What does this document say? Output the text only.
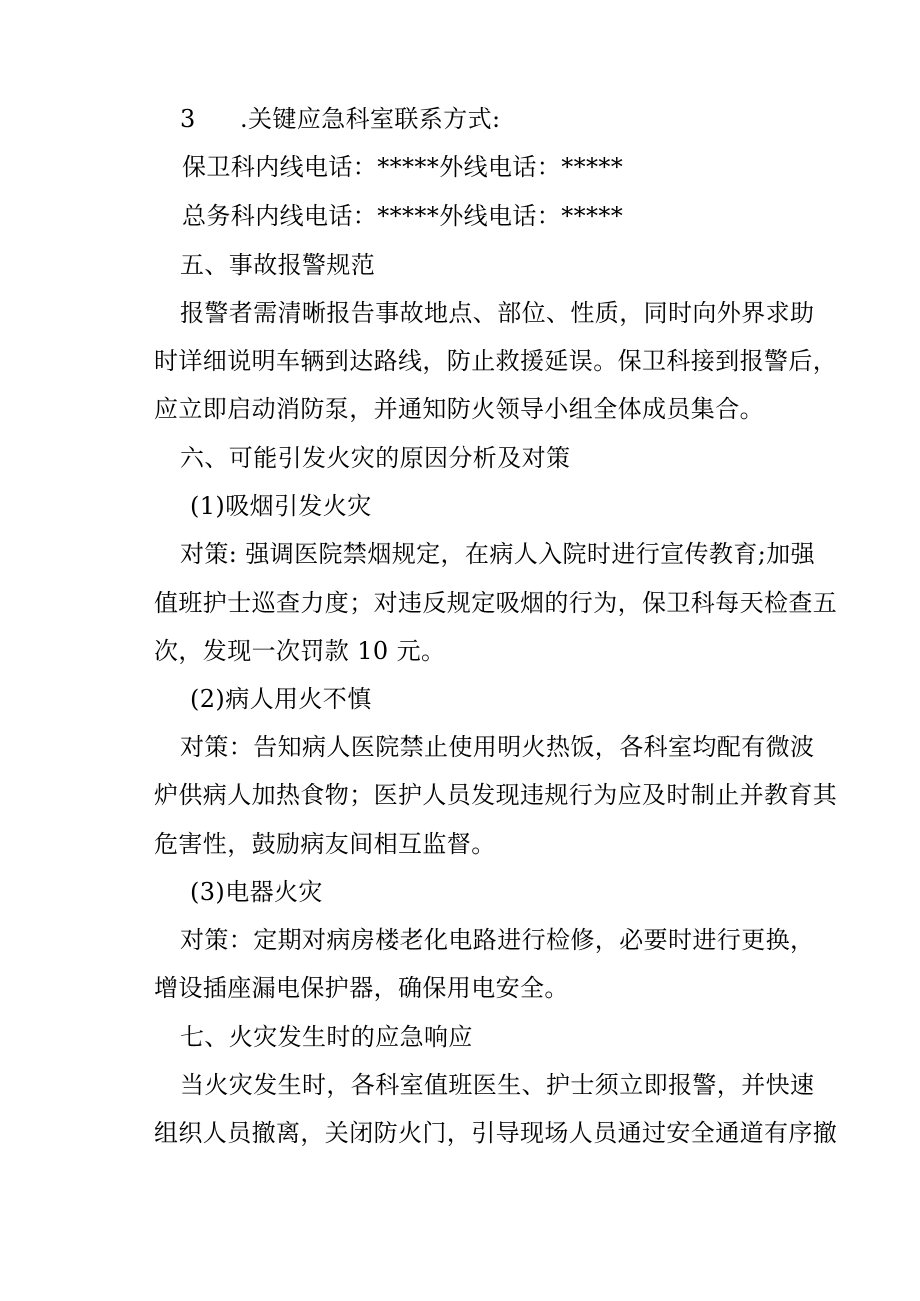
3 .关键应急科室联系方式:
保卫科内线电话：*****外线电话：*****
总务科内线电话：*****外线电话：*****
五、事故报警规范
报警者需清晰报告事故地点、部位、性质，同时向外界求助
时详细说明车辆到达路线，防止救援延误。保卫科接到报警后，
应立即启动消防泵，并通知防火领导小组全体成员集合。
六、可能引发火灾的原因分析及对策
(1)吸烟引发火灾
对策: 强调医院禁烟规定，在病人入院时进行宣传教育;加强
值班护士巡查力度；对违反规定吸烟的行为，保卫科每天检查五
次，发现一次罚款 10 元。
(2)病人用火不慎
对策：告知病人医院禁止使用明火热饭，各科室均配有微波
炉供病人加热食物；医护人员发现违规行为应及时制止并教育其
危害性，鼓励病友间相互监督。
(3)电器火灾
对策：定期对病房楼老化电路进行检修，必要时进行更换，
增设插座漏电保护器，确保用电安全。
七、火灾发生时的应急响应
当火灾发生时，各科室值班医生、护士须立即报警，并快速
组织人员撤离，关闭防火门，引导现场人员通过安全通道有序撤
